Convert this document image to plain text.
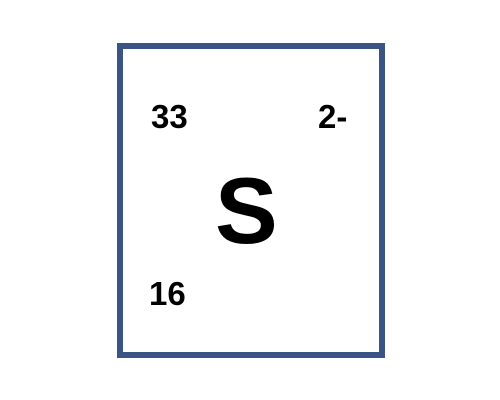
33	2-
S
16
